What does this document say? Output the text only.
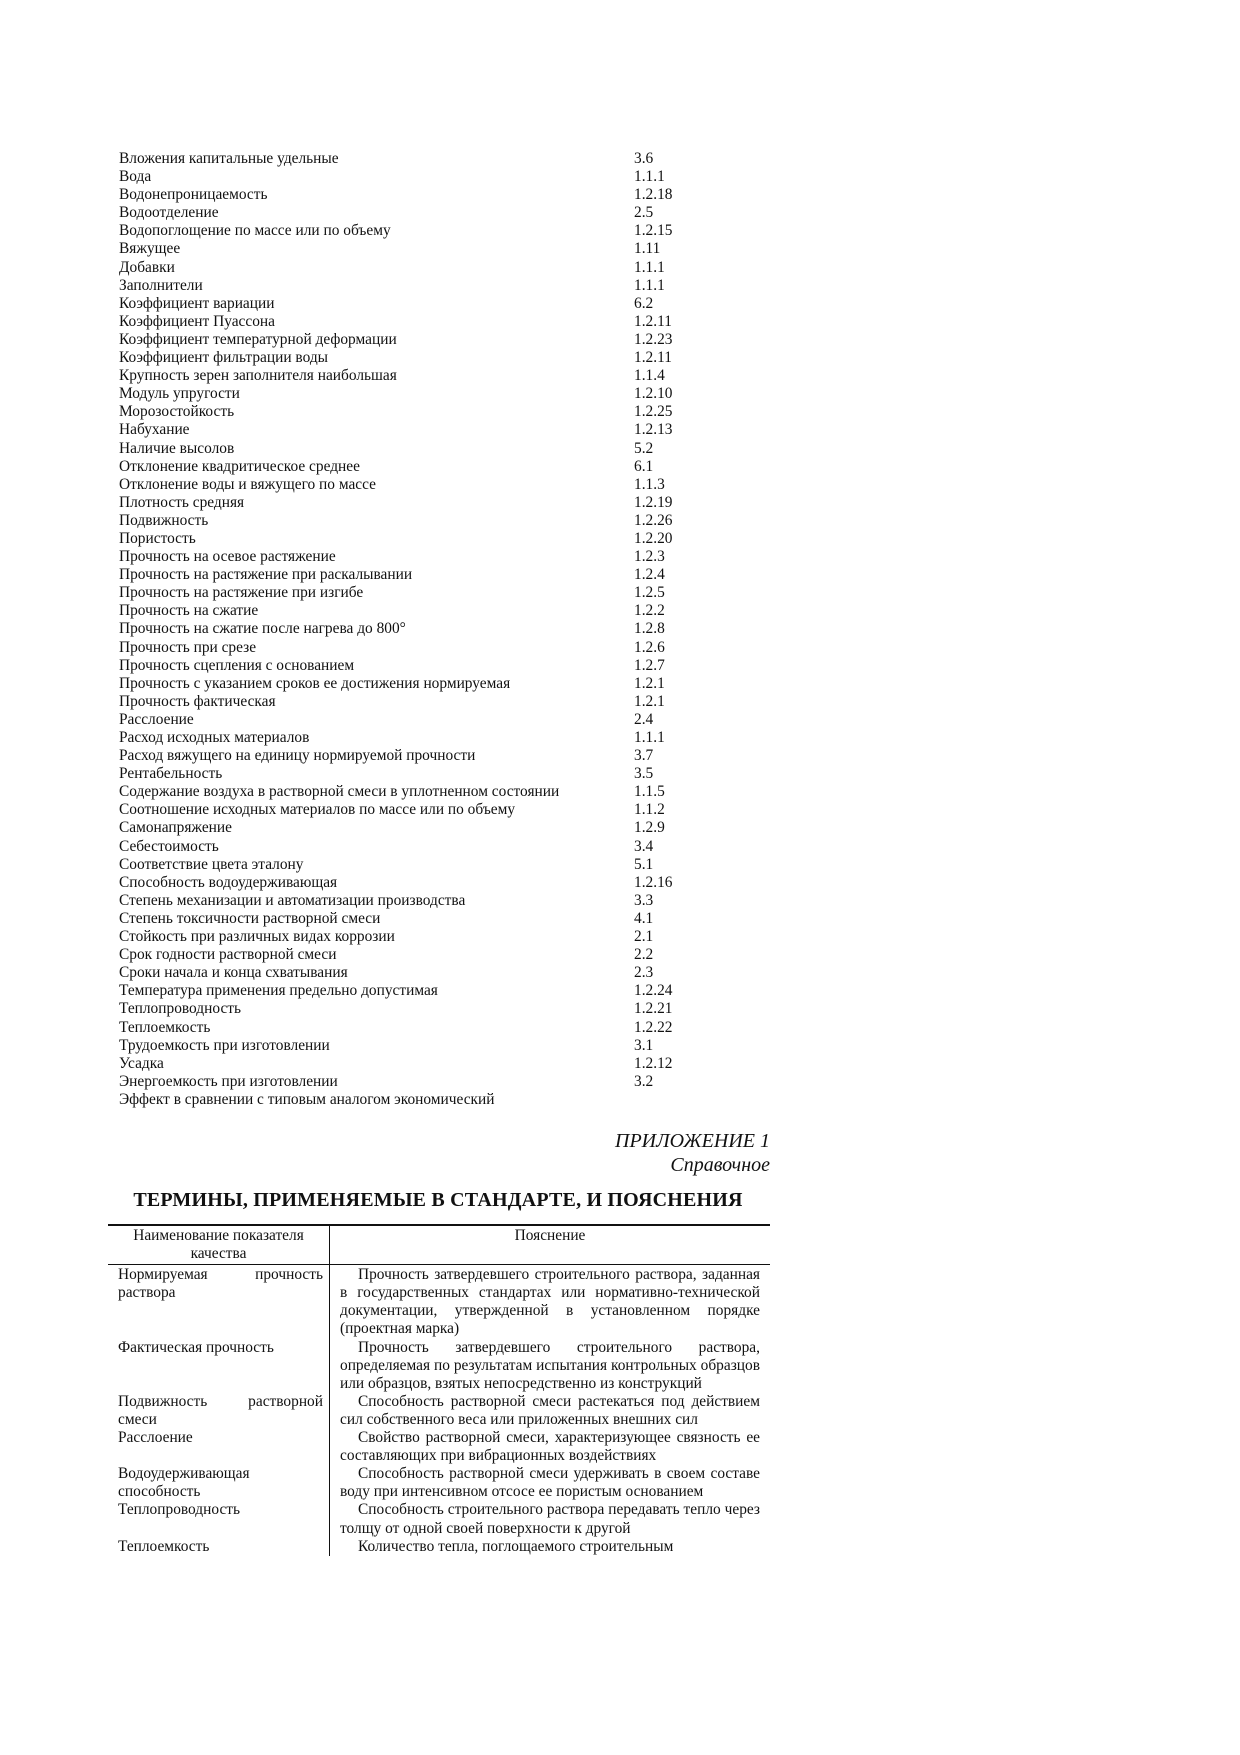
Вложения капитальные удельные	3.6
Вода	1.1.1
Водонепроницаемость	1.2.18
Водоотделение	2.5
Водопоглощение по массе или по объему	1.2.15
Вяжущее	1.11
Добавки	1.1.1
Заполнители	1.1.1
Коэффициент вариации	6.2
Коэффициент Пуассона	1.2.11
Коэффициент температурной деформации	1.2.23
Коэффициент фильтрации воды	1.2.11
Крупность зерен заполнителя наибольшая	1.1.4
Модуль упругости	1.2.10
Морозостойкость	1.2.25
Набухание	1.2.13
Наличие высолов	5.2
Отклонение квадритическое среднее	6.1
Отклонение воды и вяжущего по массе	1.1.3
Плотность средняя	1.2.19
Подвижность	1.2.26
Пористость	1.2.20
Прочность на осевое растяжение	1.2.3
Прочность на растяжение при раскалывании	1.2.4
Прочность на растяжение при изгибе	1.2.5
Прочность на сжатие	1.2.2
Прочность на сжатие после нагрева до 800°	1.2.8
Прочность при срезе	1.2.6
Прочность сцепления с основанием	1.2.7
Прочность с указанием сроков ее достижения нормируемая	1.2.1
Прочность фактическая	1.2.1
Расслоение	2.4
Расход исходных материалов	1.1.1
Расход вяжущего на единицу нормируемой прочности	3.7
Рентабельность	3.5
Содержание воздуха в растворной смеси в уплотненном состоянии	1.1.5
Соотношение исходных материалов по массе или по объему	1.1.2
Самонапряжение	1.2.9
Себестоимость	3.4
Соответствие цвета эталону	5.1
Способность водоудерживающая	1.2.16
Степень механизации и автоматизации производства	3.3
Степень токсичности растворной смеси	4.1
Стойкость при различных видах коррозии	2.1
Срок годности растворной смеси	2.2
Сроки начала и конца схватывания	2.3
Температура применения предельно допустимая	1.2.24
Теплопроводность	1.2.21
Теплоемкость	1.2.22
Трудоемкость при изготовлении	3.1
Усадка	1.2.12
Энергоемкость при изготовлении	3.2
Эффект в сравнении с типовым аналогом экономический
ПРИЛОЖЕНИЕ 1
Справочное
ТЕРМИНЫ, ПРИМЕНЯЕМЫЕ В СТАНДАРТЕ, И ПОЯСНЕНИЯ
Наименование показателя качества	Пояснение
Нормируемая прочность раствора	Прочность затвердевшего строительного раствора, заданная в государственных стандартах или нормативно-технической документации, утвержденной в установленном порядке (проектная марка)
Фактическая прочность	Прочность затвердевшего строительного раствора, определяемая по результатам испытания контрольных образцов или образцов, взятых непосредственно из конструкций
Подвижность растворной смеси	Способность растворной смеси растекаться под действием сил собственного веса или приложенных внешних сил
Расслоение	Свойство растворной смеси, характеризующее связность ее составляющих при вибрационных воздействиях
Водоудерживающая способность	Способность растворной смеси удерживать в своем составе воду при интенсивном отсосе ее пористым основанием
Теплопроводность	Способность строительного раствора передавать тепло через толщу от одной своей поверхности к другой
Теплоемкость	Количество тепла, поглощаемого строительным
